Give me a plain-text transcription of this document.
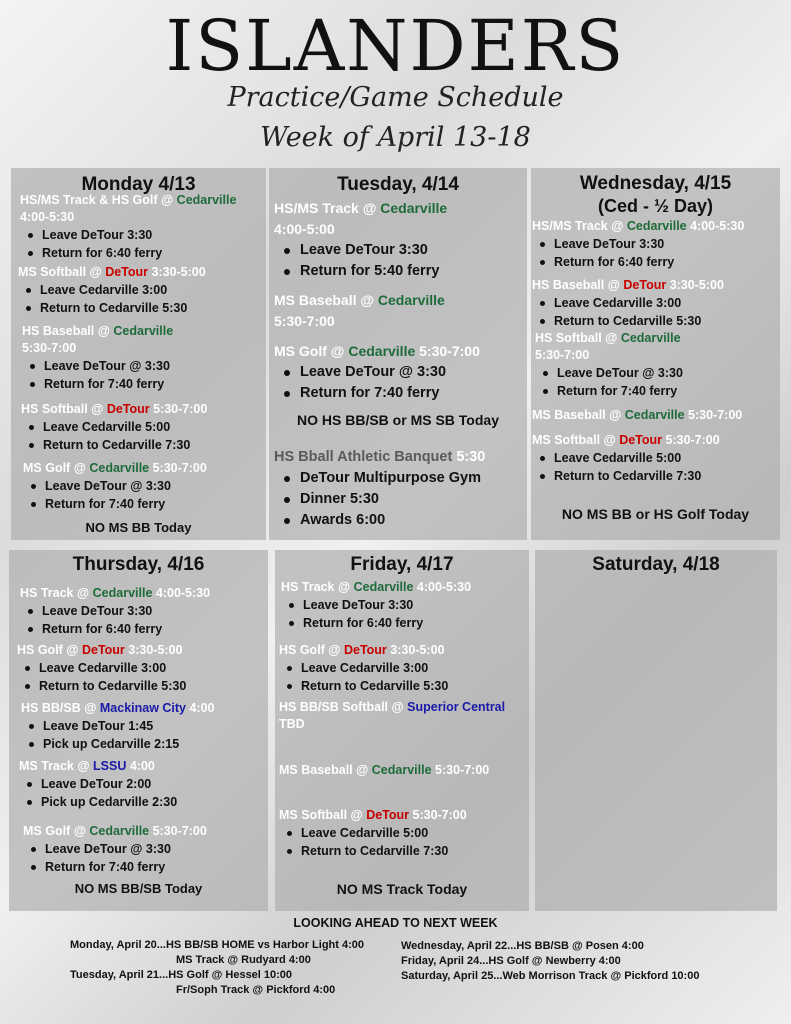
ISLANDERS
Practice/Game Schedule
Week of April 13-18
Monday 4/13
HS/MS Track & HS Golf @ Cedarville
4:00-5:30
Leave DeTour 3:30
Return for 6:40 ferry
MS Softball @ DeTour 3:30-5:00
Leave Cedarville 3:00
Return to Cedarville 5:30
HS Baseball @ Cedarville
5:30-7:00
Leave DeTour @ 3:30
Return for 7:40 ferry
HS Softball @ DeTour 5:30-7:00
Leave Cedarville 5:00
Return to Cedarville 7:30
MS Golf @ Cedarville 5:30-7:00
Leave DeTour @ 3:30
Return for 7:40 ferry
NO MS BB Today
Tuesday, 4/14
HS/MS Track @ Cedarville
4:00-5:00
Leave DeTour 3:30
Return for 5:40 ferry
MS Baseball @ Cedarville
5:30-7:00
MS Golf @ Cedarville 5:30-7:00
Leave DeTour @ 3:30
Return for 7:40 ferry
NO HS BB/SB or MS SB Today
HS Bball Athletic Banquet 5:30
DeTour Multipurpose Gym
Dinner 5:30
Awards 6:00
Wednesday, 4/15
(Ced - ½ Day)
HS/MS Track @ Cedarville 4:00-5:30
Leave DeTour 3:30
Return for 6:40 ferry
HS Baseball @ DeTour 3:30-5:00
Leave Cedarville 3:00
Return to Cedarville 5:30
HS Softball @ Cedarville
5:30-7:00
Leave DeTour @ 3:30
Return for 7:40 ferry
MS Baseball @ Cedarville 5:30-7:00
MS Softball @ DeTour 5:30-7:00
Leave Cedarville 5:00
Return to Cedarville 7:30
NO MS BB or HS Golf Today
Thursday, 4/16
HS Track @ Cedarville 4:00-5:30
Leave DeTour 3:30
Return for 6:40 ferry
HS Golf @ DeTour 3:30-5:00
Leave Cedarville 3:00
Return to Cedarville 5:30
HS BB/SB @ Mackinaw City 4:00
Leave DeTour 1:45
Pick up Cedarville 2:15
MS Track @ LSSU 4:00
Leave DeTour 2:00
Pick up Cedarville 2:30
MS Golf @ Cedarville 5:30-7:00
Leave DeTour @ 3:30
Return for 7:40 ferry
NO MS BB/SB Today
Friday, 4/17
HS Track @ Cedarville 4:00-5:30
Leave DeTour 3:30
Return for 6:40 ferry
HS Golf @ DeTour 3:30-5:00
Leave Cedarville 3:00
Return to Cedarville 5:30
HS BB/SB Softball @ Superior Central
TBD
MS Baseball @ Cedarville 5:30-7:00
MS Softball @ DeTour 5:30-7:00
Leave Cedarville 5:00
Return to Cedarville 7:30
NO MS Track Today
Saturday, 4/18
LOOKING AHEAD TO NEXT WEEK
Monday, April 20...HS BB/SB HOME vs Harbor Light 4:00
MS Track @ Rudyard 4:00
Tuesday, April 21...HS Golf @ Hessel 10:00
Fr/Soph Track @ Pickford 4:00
Wednesday, April 22...HS BB/SB @ Posen 4:00
Friday, April 24...HS Golf @ Newberry 4:00
Saturday, April 25...Web Morrison Track @ Pickford 10:00
